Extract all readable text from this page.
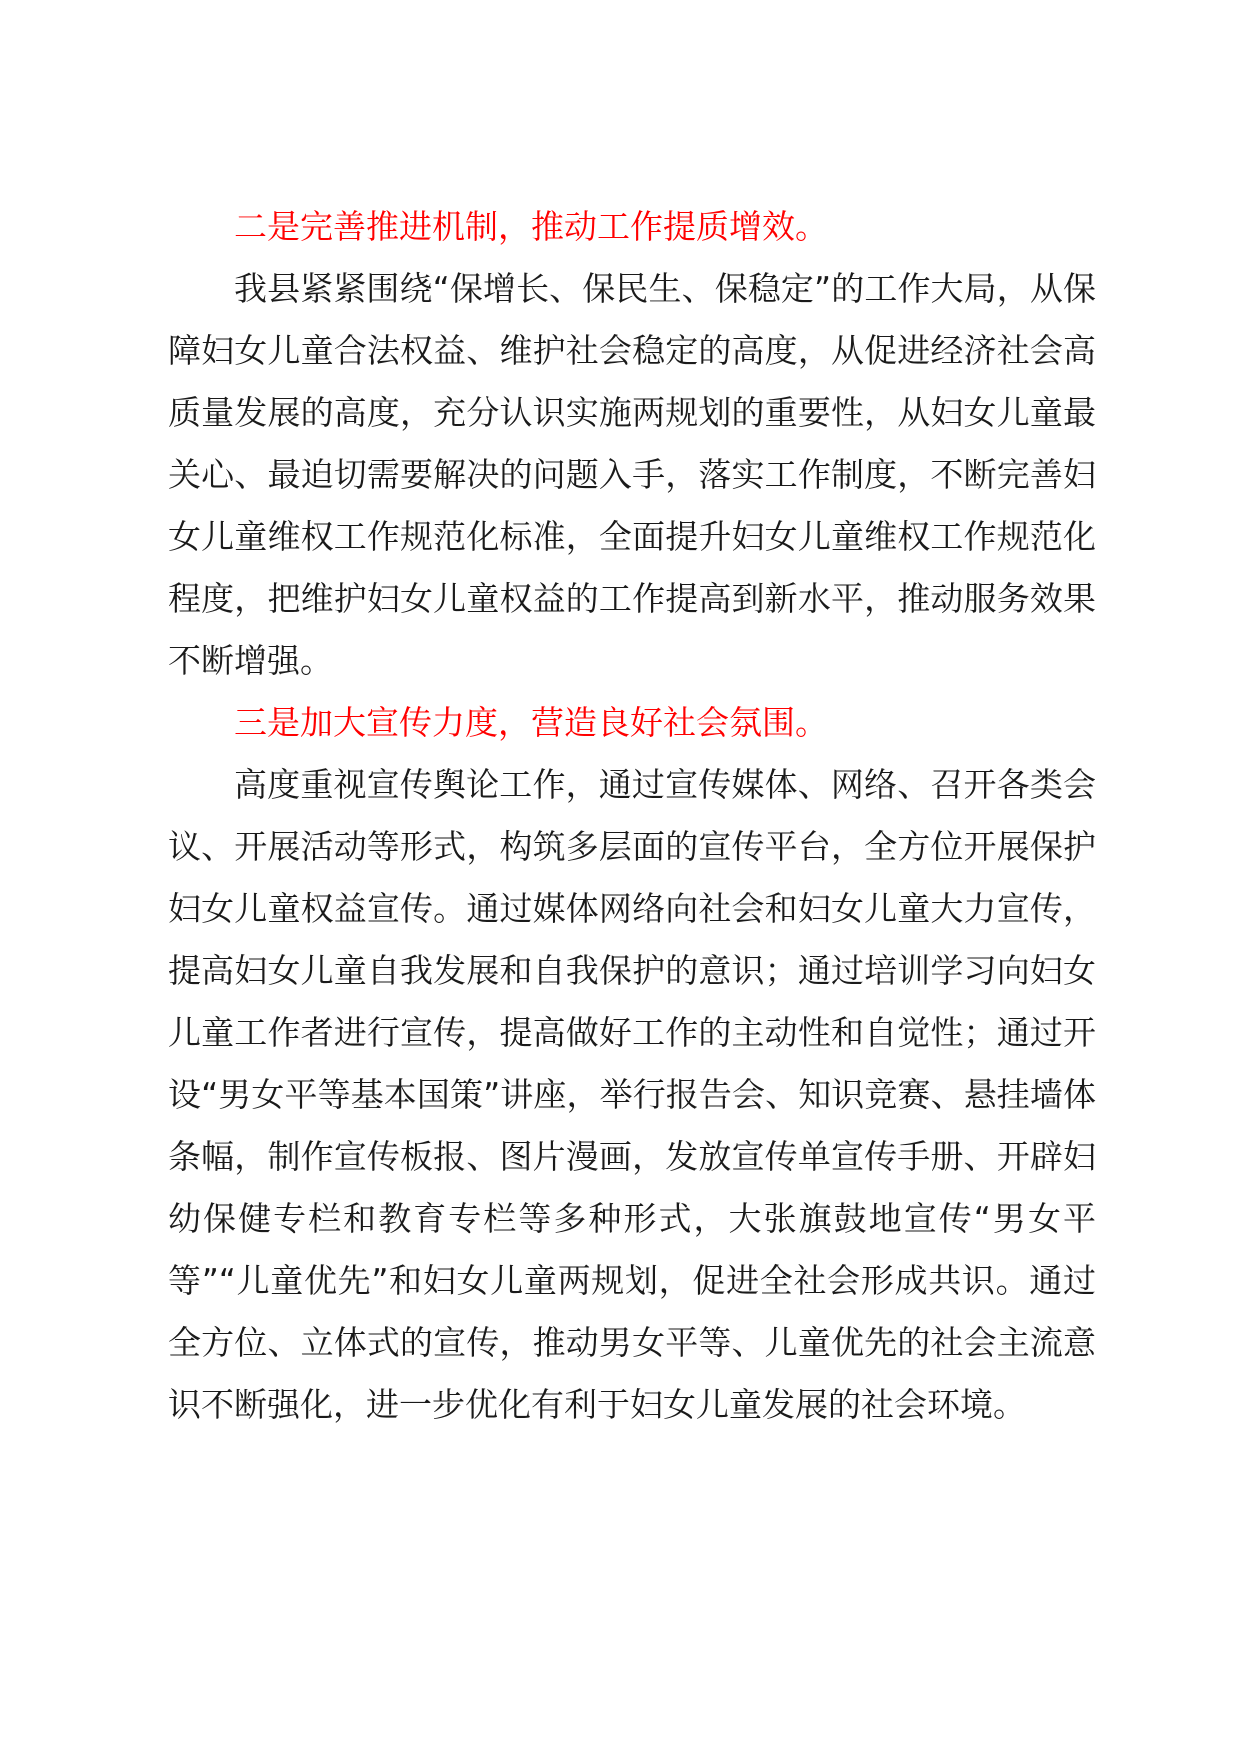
二是完善推进机制，推动工作提质增效。

我县紧紧围绕“保增长、保民生、保稳定”的工作大局，从保障妇女儿童合法权益、维护社会稳定的高度，从促进经济社会高质量发展的高度，充分认识实施两规划的重要性，从妇女儿童最关心、最迫切需要解决的问题入手，落实工作制度，不断完善妇女儿童维权工作规范化标准，全面提升妇女儿童维权工作规范化程度，把维护妇女儿童权益的工作提高到新水平，推动服务效果不断增强。

三是加大宣传力度，营造良好社会氛围。

高度重视宣传舆论工作，通过宣传媒体、网络、召开各类会议、开展活动等形式，构筑多层面的宣传平台，全方位开展保护妇女儿童权益宣传。通过媒体网络向社会和妇女儿童大力宣传，提高妇女儿童自我发展和自我保护的意识；通过培训学习向妇女儿童工作者进行宣传，提高做好工作的主动性和自觉性；通过开设“男女平等基本国策”讲座，举行报告会、知识竞赛、悬挂墙体条幅，制作宣传板报、图片漫画，发放宣传单宣传手册、开辟妇幼保健专栏和教育专栏等多种形式，大张旗鼓地宣传“男女平等”“儿童优先”和妇女儿童两规划，促进全社会形成共识。通过全方位、立体式的宣传，推动男女平等、儿童优先的社会主流意识不断强化，进一步优化有利于妇女儿童发展的社会环境。
